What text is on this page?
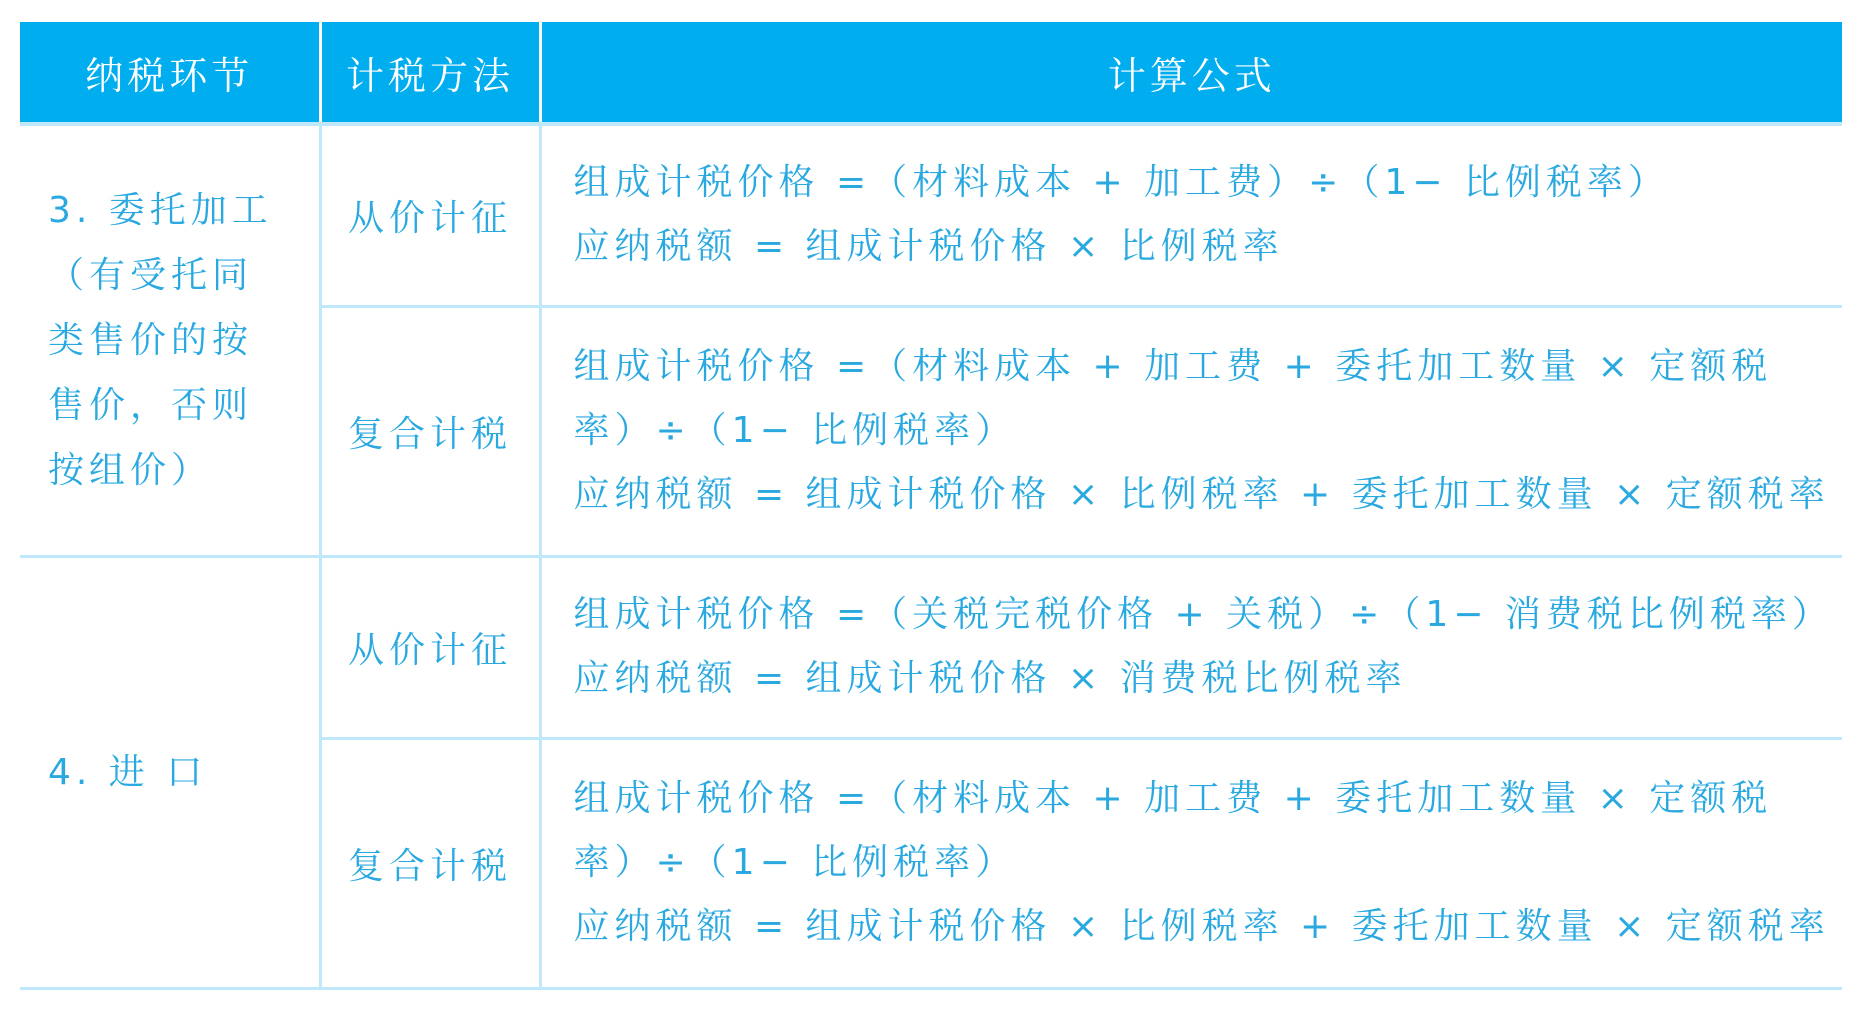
纳税环节	计税方法	计算公式
3. 委托加工（有受托同类售价的按售价，否则按组价）	从价计征	组成计税价格 =（材料成本 + 加工费）÷（1− 比例税率）
应纳税额 = 组成计税价格 × 比例税率

	复合计税	组成计税价格 =（材料成本 + 加工费 + 委托加工数量 × 定额税率）÷（1− 比例税率）
应纳税额 = 组成计税价格 × 比例税率 + 委托加工数量 × 定额税率

4. 进 口	从价计征	组成计税价格 =（关税完税价格 + 关税）÷（1− 消费税比例税率）
应纳税额 = 组成计税价格 × 消费税比例税率

	复合计税	组成计税价格 =（材料成本 + 加工费 + 委托加工数量 × 定额税率）÷（1− 比例税率）
应纳税额 = 组成计税价格 × 比例税率 + 委托加工数量 × 定额税率
